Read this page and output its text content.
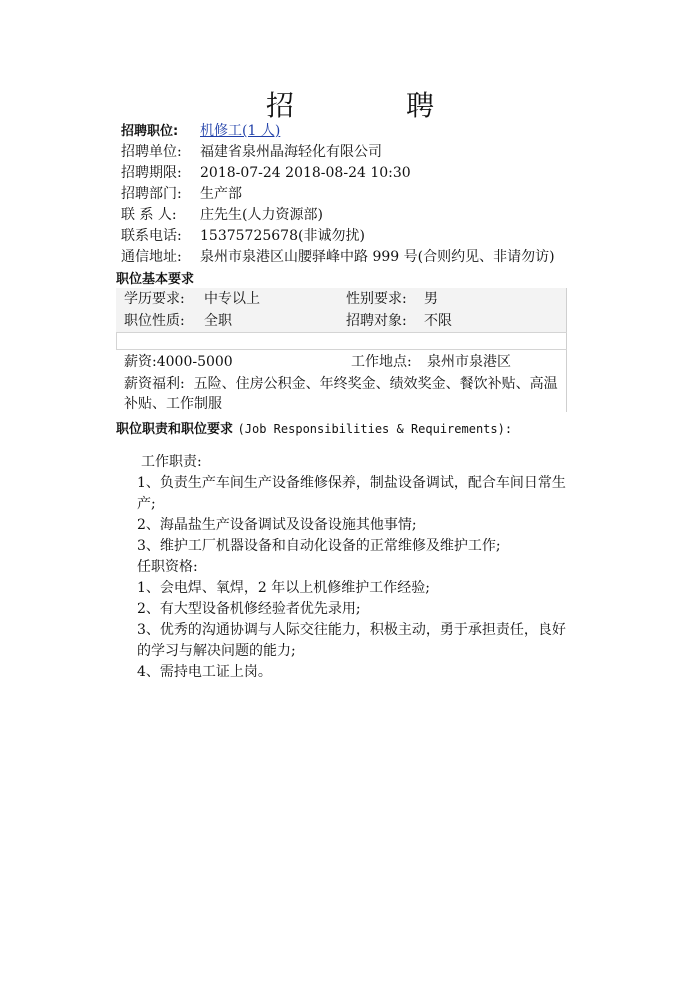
招　聘
招聘职位: 机修工(1 人)
招聘单位: 福建省泉州晶海轻化有限公司
招聘期限: 2018-07-24 2018-08-24 10:30
招聘部门: 生产部
联 系 人: 庄先生(人力资源部)
联系电话: 15375725678(非诚勿扰)
通信地址: 泉州市泉港区山腰驿峰中路 999 号(合则约见、非请勿访)
职位基本要求
学历要求: 中专以上	性别要求: 男
职位性质: 全职	招聘对象: 不限
薪资:4000-5000	工作地点: 泉州市泉港区
薪资福利: 五险、住房公积金、年终奖金、绩效奖金、餐饮补贴、高温补贴、工作制服
职位职责和职位要求 (Job Responsibilities & Requirements):

工作职责:

1、负责生产车间生产设备维修保养，制盐设备调试，配合车间日常生产;

2、海晶盐生产设备调试及设备设施其他事情;

3、维护工厂机器设备和自动化设备的正常维修及维护工作;

任职资格:

1、会电焊、氧焊，2 年以上机修维护工作经验;

2、有大型设备机修经验者优先录用;

3、优秀的沟通协调与人际交往能力，积极主动，勇于承担责任，良好的学习与解决问题的能力;

4、需持电工证上岗。
